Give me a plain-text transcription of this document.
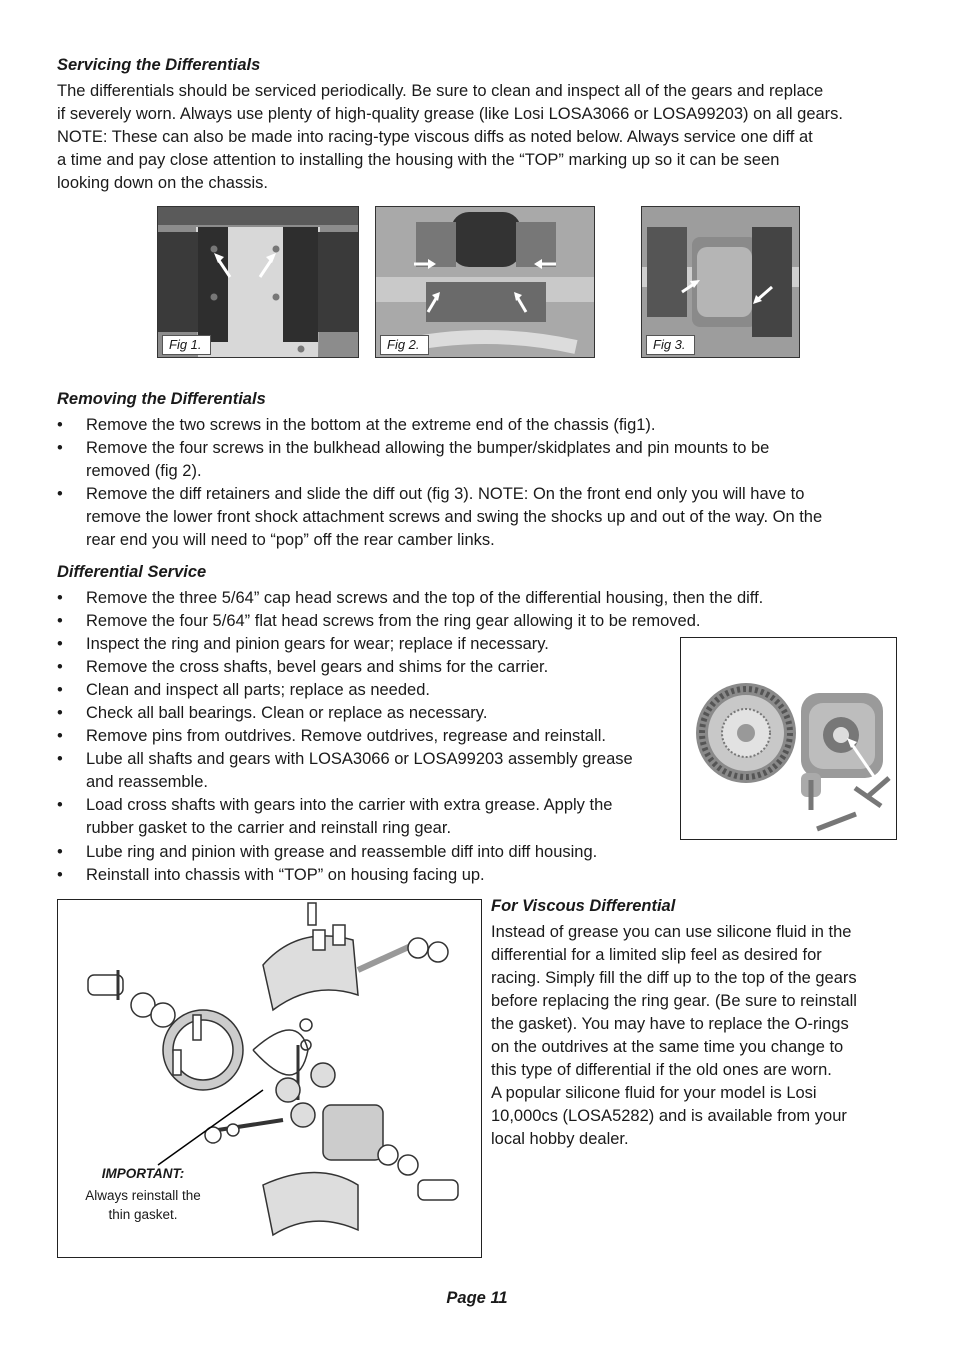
Servicing the Differentials
The differentials should be serviced periodically. Be sure to clean and inspect all of the gears and replace
if severely worn. Always use plenty of high-quality grease (like Losi LOSA3066 or LOSA99203) on all gears.
NOTE: These can also be made into racing-type viscous diffs as noted below. Always service one diff at
a time and pay close attention to installing the housing with the “TOP” marking up so it can be seen
looking down on the chassis.
Fig 1.	Fig 2.	Fig 3.
Removing the Differentials
• Remove the two screws in the bottom at the extreme end of the chassis (fig1).
• Remove the four screws in the bulkhead allowing the bumper/skidplates and pin mounts to be
removed (fig 2).
• Remove the diff retainers and slide the diff out (fig 3). NOTE: On the front end only you will have to
remove the lower front shock attachment screws and swing the shocks up and out of the way. On the
rear end you will need to “pop” off the rear camber links.
Differential Service
• Remove the three 5/64” cap head screws and the top of the differential housing, then the diff.
• Remove the four 5/64” flat head screws from the ring gear allowing it to be removed.
• Inspect the ring and pinion gears for wear; replace if necessary.
• Remove the cross shafts, bevel gears and shims for the carrier.
• Clean and inspect all parts; replace as needed.
• Check all ball bearings. Clean or replace as necessary.
• Remove pins from outdrives. Remove outdrives, regrease and reinstall.
• Lube all shafts and gears with LOSA3066 or LOSA99203 assembly grease
and reassemble.
• Load cross shafts with gears into the carrier with extra grease. Apply the
rubber gasket to the carrier and reinstall ring gear.
• Lube ring and pinion with grease and reassemble diff into diff housing.
• Reinstall into chassis with “TOP” on housing facing up.
IMPORTANT:
Always reinstall the
thin gasket.
For Viscous Differential
Instead of grease you can use silicone fluid in the
differential for a limited slip feel as desired for
racing. Simply fill the diff up to the top of the gears
before replacing the ring gear. (Be sure to reinstall
the gasket). You may have to replace the O-rings
on the outdrives at the same time you change to
this type of differential if the old ones are worn.
A popular silicone fluid for your model is Losi
10,000cs (LOSA5282) and is available from your
local hobby dealer.
Page 11
